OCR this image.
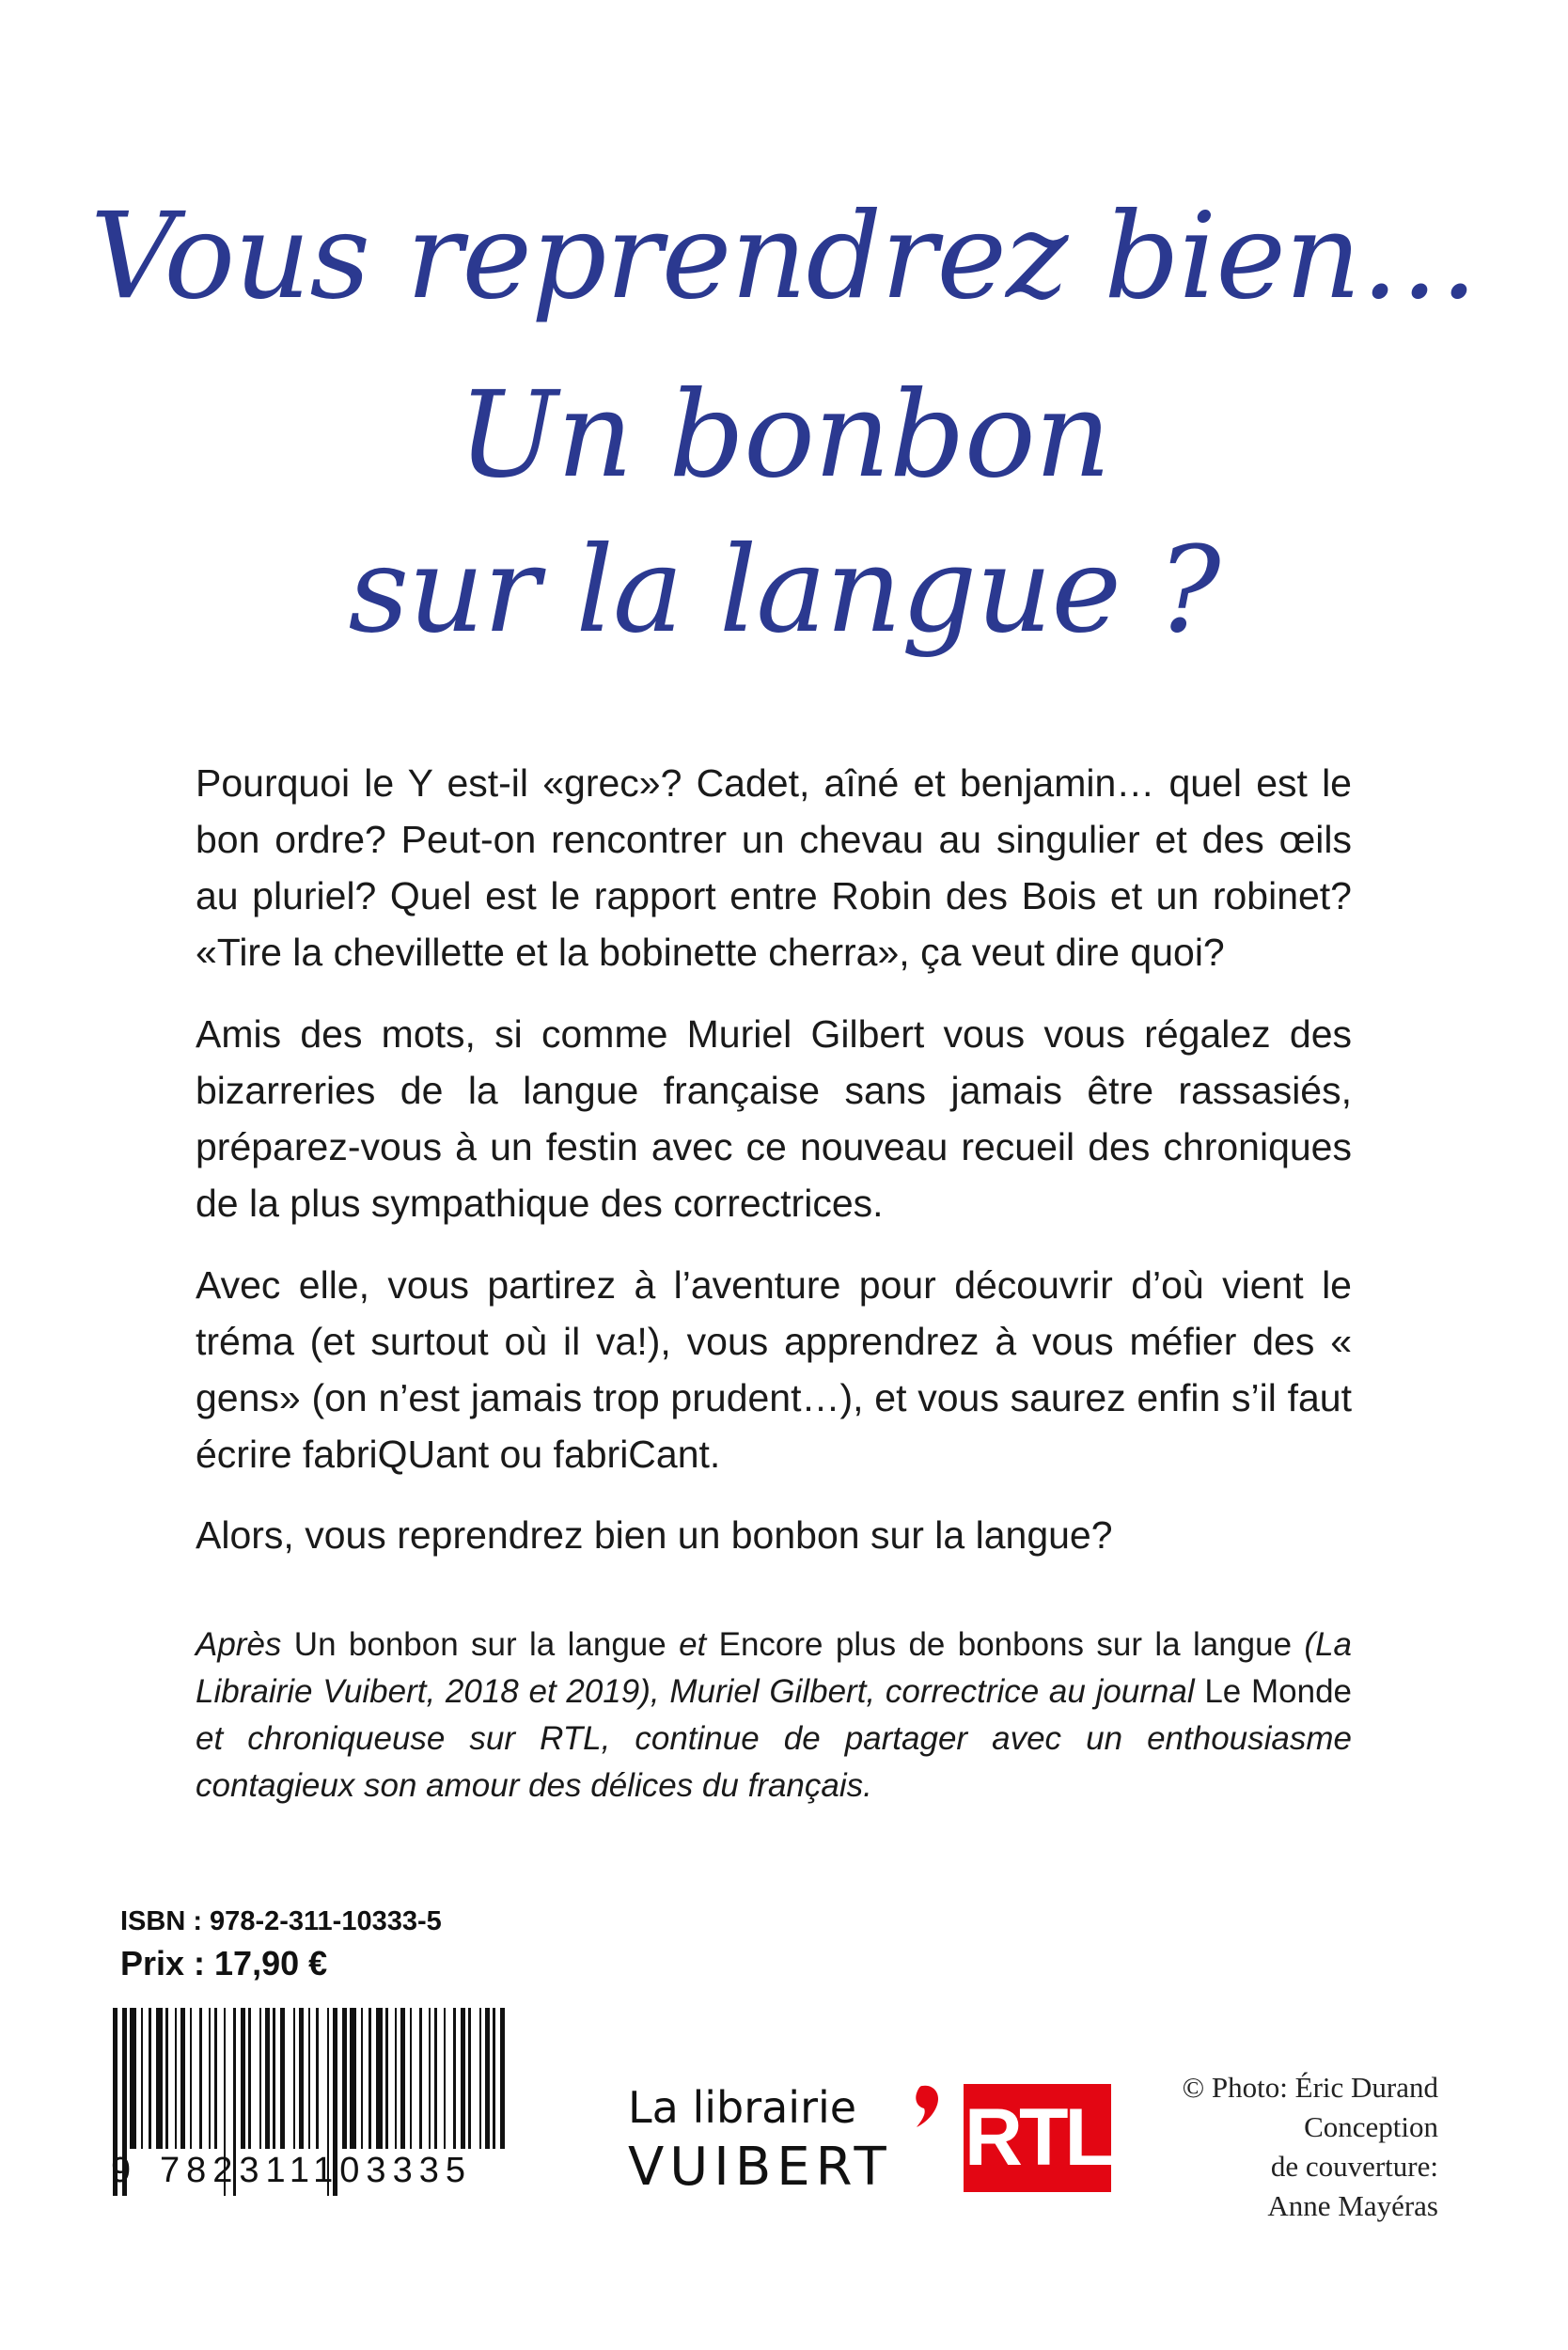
Vous reprendrez bien…
Un bonbon
sur la langue ?

Pourquoi le Y est-il «grec»? Cadet, aîné et benjamin… quel est le bon ordre? Peut-on rencontrer un chevau au singulier et des œils au pluriel? Quel est le rapport entre Robin des Bois et un robinet? «Tire la chevillette et la bobinette cherra», ça veut dire quoi?

Amis des mots, si comme Muriel Gilbert vous vous régalez des bizarreries de la langue française sans jamais être rassasiés, préparez-vous à un festin avec ce nouveau recueil des chroniques de la plus sympathique des correctrices.

Avec elle, vous partirez à l’aventure pour découvrir d’où vient le tréma (et surtout où il va!), vous apprendrez à vous méfier des « gens» (on n’est jamais trop prudent…), et vous saurez enfin s’il faut écrire fabriQUant ou fabriCant.

Alors, vous reprendrez bien un bonbon sur la langue?

Après Un bonbon sur la langue et Encore plus de bonbons sur la langue (La Librairie Vuibert, 2018 et 2019), Muriel Gilbert, correctrice au journal Le Monde et chroniqueuse sur RTL, continue de partager avec un enthousiasme contagieux son amour des délices du français.

ISBN : 978-2-311-10333-5
Prix : 17,90 €
9 782311103335
La librairie
VUIBERT RTL
© Photo: Éric Durand
Conception
de couverture:
Anne Mayéras
